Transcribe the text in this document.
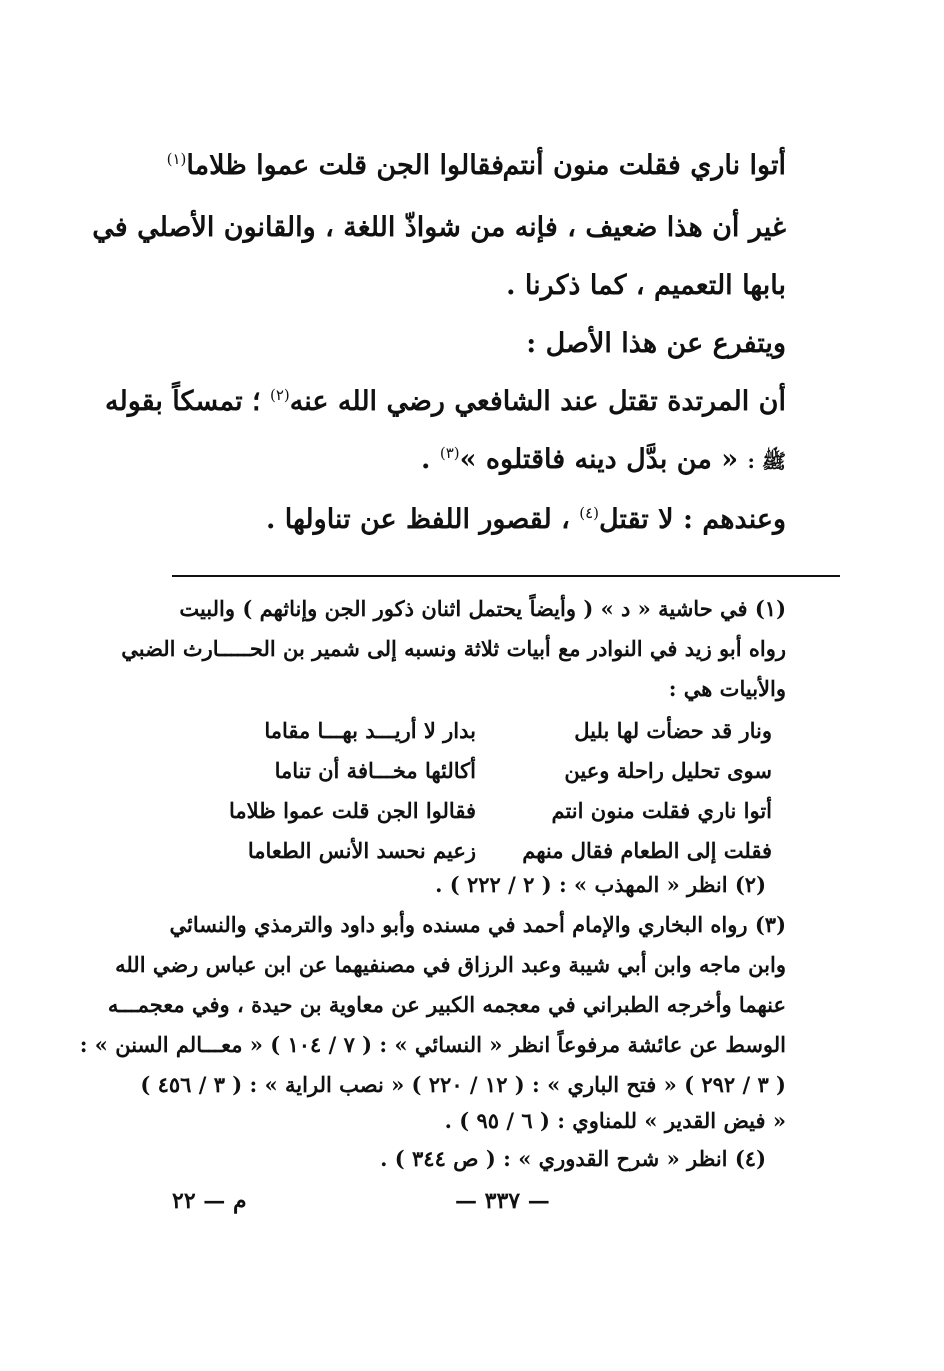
أتوا ناري فقلت منون أنتم
فقالوا الجن قلت عموا ظلاما$^{(١)}$
غير أن هذا ضعيف ، فإنه من شواذّ اللغة ، والقانون الأصلي في
بابها التعميم ، كما ذكرنا .
ويتفرع عن هذا الأصل :
أن المرتدة تقتل عند الشافعي رضي الله عنه$^{(٢)}$ ؛ تمسكاً بقوله
ﷺ : « من بدَّل دينه فاقتلوه »$^{(٣)}$ .
وعندهم : لا تقتل$^{(٤)}$ ، لقصور اللفظ عن تناولها .
(١) في حاشية « د » ( وأيضاً يحتمل اثنان ذكور الجن وإناثهم ) والبيت
رواه أبو زيد في النوادر مع أبيات ثلاثة ونسبه إلى شمير بن الحـــــارث الضبي
والأبيات هي :
ونار قد حضأت لها بليل
بدار لا أريـــد بهـــا مقاما
سوى تحليل راحلة وعين
أكالئها مخـــافة أن تناما
أتوا ناري فقلت منون انتم
فقالوا الجن قلت عموا ظلاما
فقلت إلى الطعام فقال منهم
زعيم نحسد الأنس الطعاما
(٢) انظر « المهذب » : ( ٢ / ٢٢٢ ) .
(٣) رواه البخاري والإمام أحمد في مسنده وأبو داود والترمذي والنسائي
وابن ماجه وابن أبي شيبة وعبد الرزاق في مصنفيهما عن ابن عباس رضي الله
عنهما وأخرجه الطبراني في معجمه الكبير عن معاوية بن حيدة ، وفي معجمـــه
الوسط عن عائشة مرفوعاً انظر « النسائي » : ( ٧ / ١٠٤ ) « معـــالم السنن » :
( ٣ / ٢٩٢ ) « فتح الباري » : ( ١٢ / ٢٢٠ ) « نصب الراية » : ( ٣ / ٤٥٦ )
« فيض القدير » للمناوي : ( ٦ / ٩٥ ) .
(٤) انظر « شرح القدوري » : ( ص ٣٤٤ ) .
— ٣٣٧ —
م — ٢٢
